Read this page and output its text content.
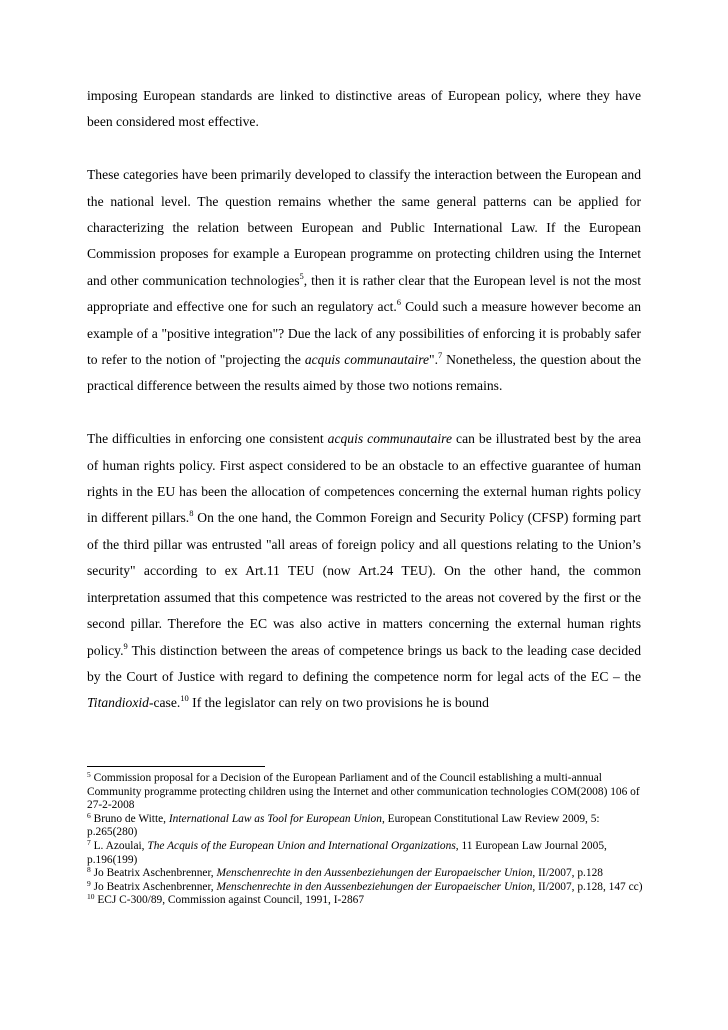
imposing European standards are linked to distinctive areas of European policy, where they have been considered most effective.

These categories have been primarily developed to classify the interaction between the European and the national level. The question remains whether the same general patterns can be applied for characterizing the relation between European and Public International Law. If the European Commission proposes for example a European programme on protecting children using the Internet and other communication technologies$^5$, then it is rather clear that the European level is not the most appropriate and effective one for such an regulatory act.$^6$ Could such a measure however become an example of a "positive integration"? Due the lack of any possibilities of enforcing it is probably safer to refer to the notion of "projecting the acquis communautaire".$^7$ Nonetheless, the question about the practical difference between the results aimed by those two notions remains.

The difficulties in enforcing one consistent acquis communautaire can be illustrated best by the area of human rights policy. First aspect considered to be an obstacle to an effective guarantee of human rights in the EU has been the allocation of competences concerning the external human rights policy in different pillars.$^8$ On the one hand, the Common Foreign and Security Policy (CFSP) forming part of the third pillar was entrusted "all areas of foreign policy and all questions relating to the Union’s security" according to ex Art.11 TEU (now Art.24 TEU). On the other hand, the common interpretation assumed that this competence was restricted to the areas not covered by the first or the second pillar. Therefore the EC was also active in matters concerning the external human rights policy.$^9$ This distinction between the areas of competence brings us back to the leading case decided by the Court of Justice with regard to defining the competence norm for legal acts of the EC – the Titandioxid-case.$^{10}$ If the legislator can rely on two provisions he is bound

$^5$ Commission proposal for a Decision of the European Parliament and of the Council establishing a multi-annual Community programme protecting children using the Internet and other communication technologies COM(2008) 106 of 27-2-2008
$^6$ Bruno de Witte, International Law as Tool for European Union, European Constitutional Law Review 2009, 5: p.265(280)
$^7$ L. Azoulai, The Acquis of the European Union and International Organizations, 11 European Law Journal 2005, p.196(199)
$^8$ Jo Beatrix Aschenbrenner, Menschenrechte in den Aussenbeziehungen der Europaeischer Union, II/2007, p.128
$^9$ Jo Beatrix Aschenbrenner, Menschenrechte in den Aussenbeziehungen der Europaeischer Union, II/2007, p.128, 147 cc)
$^{10}$ ECJ C-300/89, Commission against Council, 1991, I-2867
